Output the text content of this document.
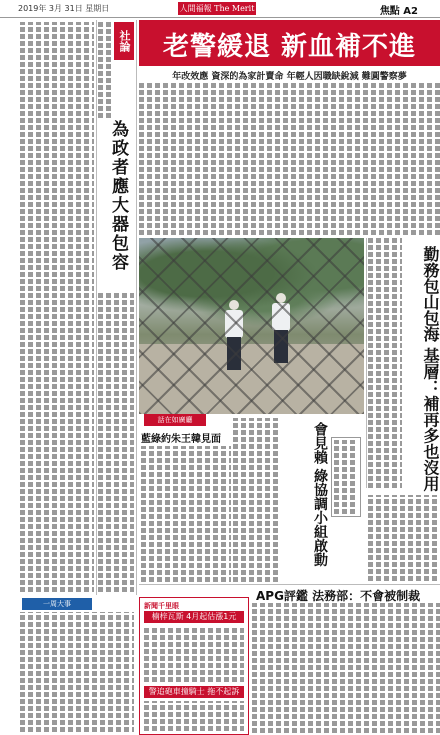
2019年 3月 31日 星期日	人間福報 The Merit	焦點 A2
社論
為政者應大器包容
老警緩退 新血補不進
年改效應 資深的為家計賣命 年輕人因職缺銳減 難圓警察夢
勤務包山包海 基層：補再多也沒用
話在如廣廳
藍綠約朱王韓見面	會見賴 綠協調小組啟動
一周大事	新聞千里眼
楠梓瓦斯 4月起估漲1元
警追砲車撞騎士 拖不起訴
APG評鑑 法務部：不會被制裁
